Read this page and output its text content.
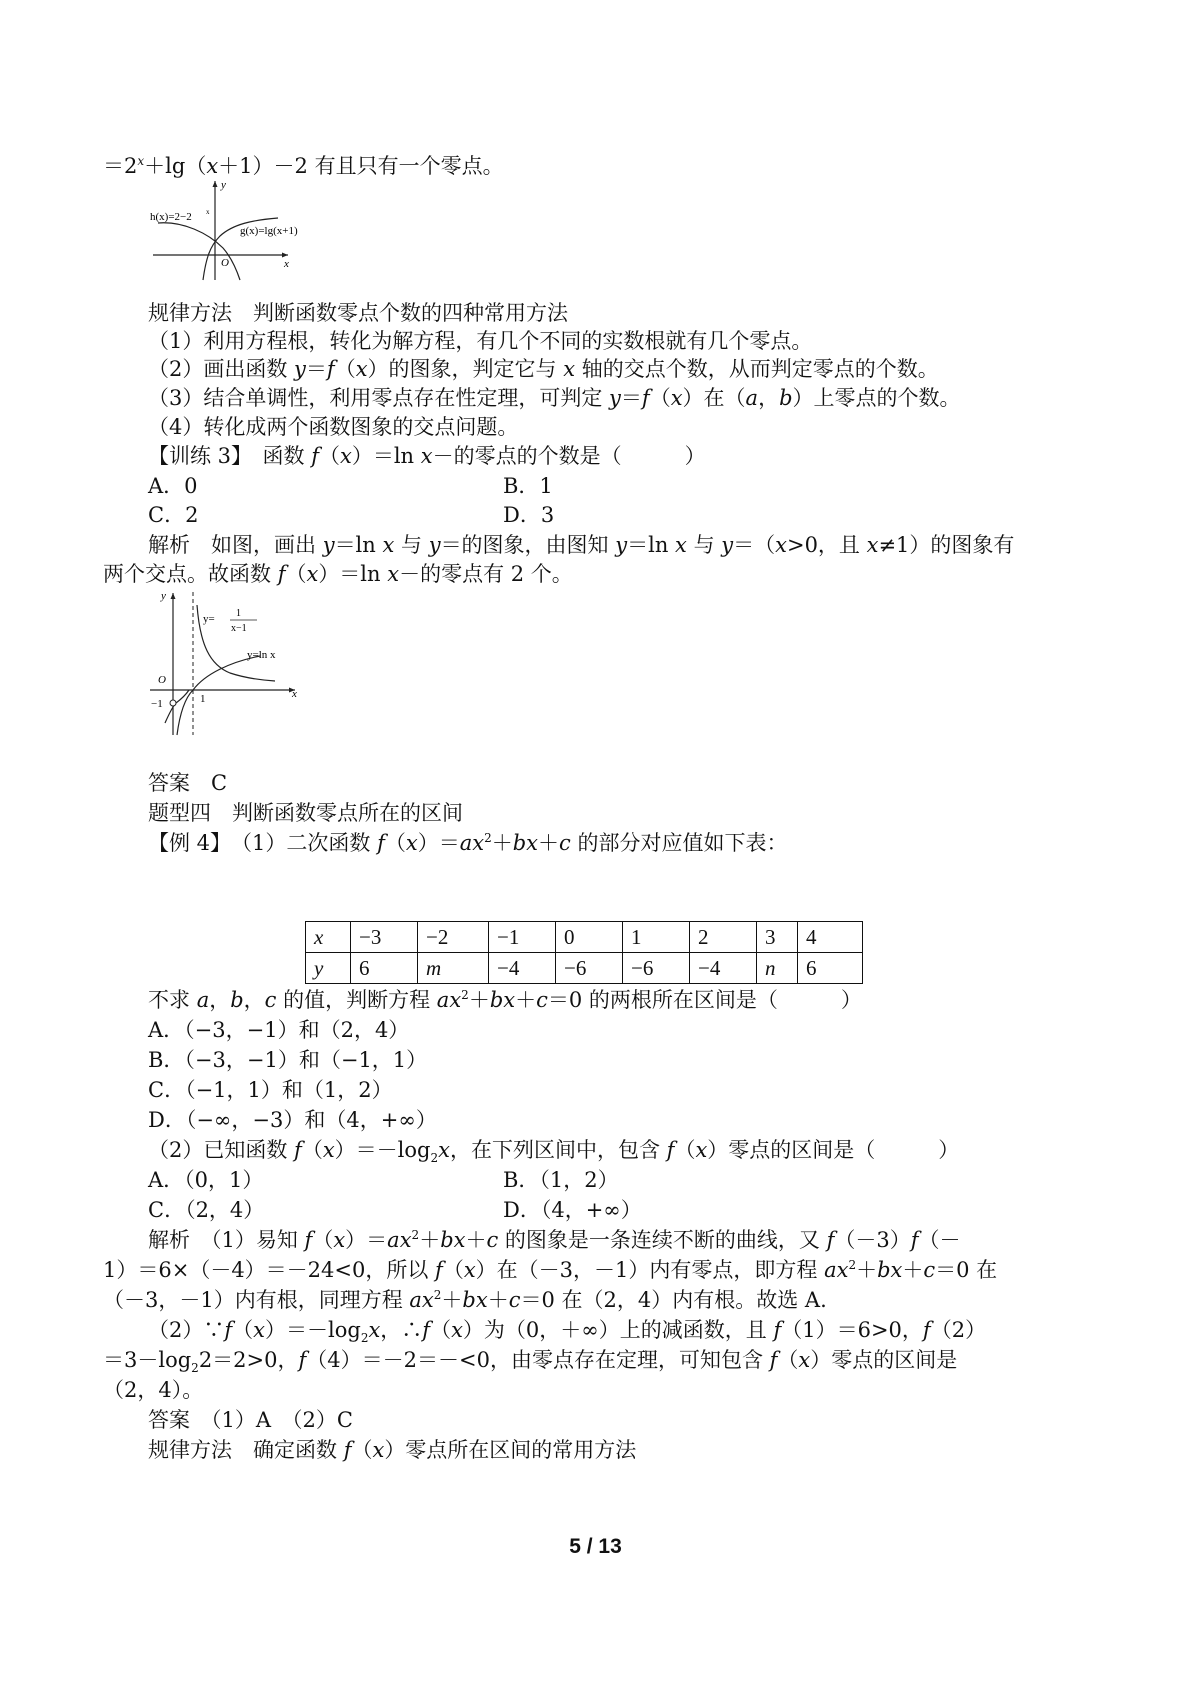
$=2^x+\lg(x+1)-2$ 有且只有一个零点。
h(x)=2−2 x
g(x)=lg(x+1)
O	x
y
规律方法　 判断函数零点个数的四种常用方法
（1）利用方程根，转化为解方程，有几个不同的实数根就有几个零点。
（2）画出函数 y＝f（x）的图象，判定它与 x 轴的交点个数，从而判定零点的个数。
（3）结合单调性，利用零点存在性定理，可判定 y＝f（x）在（a，b）上零点的个数。
（4）转化成两个函数图象的交点问题。
【训练 3】　函数 f（x）＝ln x－的零点的个数是（　　　）
A．0	B．1
C．2	D．3
解析　如图，画出 y＝ln x 与 y＝的图象，由图知 y＝ln x 与 y＝（x>0，且 x≠1）的图象有
两个交点。故函数 f（x）＝ln x－的零点有 2 个。
y= 1
x−1
y=ln x
O
1
−1
x
y
答案　 C
题型四　判断函数零点所在的区间
【例 4】　（1）二次函数 $f(x)=ax^2+bx+c$ 的部分对应值如下表：
x	−3	−2	−1	0	1	2	3	4
y	6	m	−4	−6	−6	−4	n	6
不求 a，b，c 的值，判断方程 $ax^2+bx+c=0$ 的两根所在区间是（　　　）
A．（−3，−1）和（2，4）
B．（−3，−1）和（−1，1）
C．（−1，1）和（1，2）
D．（−∞，−3）和（4，+∞）
（2）已知函数 $f(x)=-\log_2x$，在下列区间中，包含 f（x）零点的区间是（　　　）
A．（0，1）	B．（1，2）
C．（2，4）	D．（4，+∞）
解析　（1）易知 $f(x)=ax^2+bx+c$ 的图象是一条连续不断的曲线，又 f（－3）f（－
1）＝6×（－4）＝－24<0，所以 f（x）在（－3，－1）内有零点，即方程 $ax^2+bx+c=0$ 在
（－3，－1）内有根，同理方程 $ax^2+bx+c=0$ 在（2，4）内有根。故选 A.
$(2)\because f(x)=-\log_2x$，∴f（x）为（0，＋∞）上的减函数，且 f（1）＝6>0，f（2）
$=3-\log_22=2>0$，f（4）＝－2＝－<0，由零点存在定理，可知包含 f（x）零点的区间是
（2，4）。
答案　 （1）A　（2）C
规律方法　 确定函数 f（x）零点所在区间的常用方法
5 / 13
